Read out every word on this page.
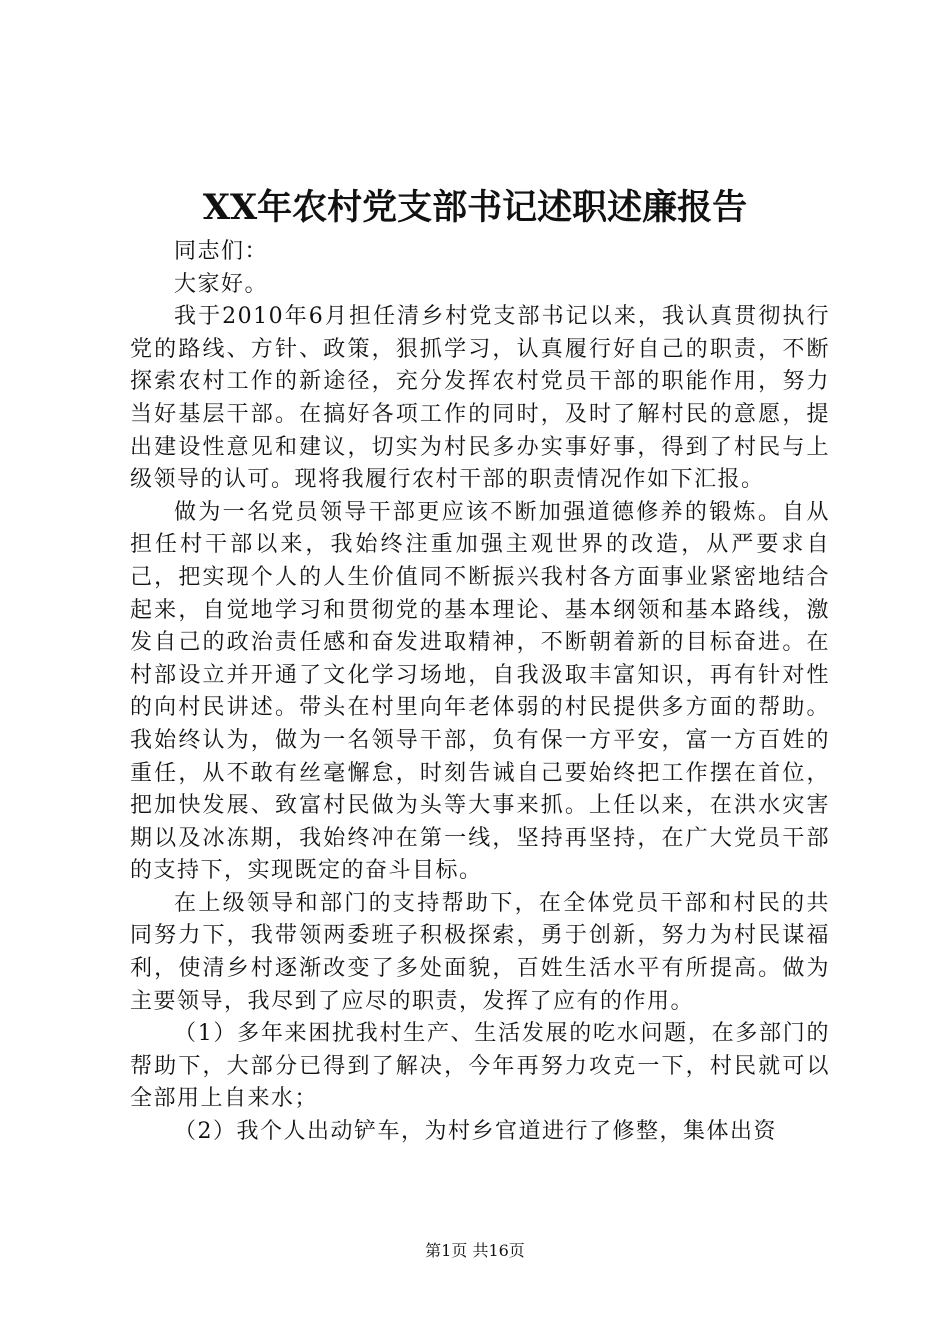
XX年农村党支部书记述职述廉报告

同志们：

大家好。

我于2010年6月担任清乡村党支部书记以来，我认真贯彻执行党的路线、方针、政策，狠抓学习，认真履行好自己的职责，不断探索农村工作的新途径，充分发挥农村党员干部的职能作用，努力当好基层干部。在搞好各项工作的同时，及时了解村民的意愿，提出建设性意见和建议，切实为村民多办实事好事，得到了村民与上级领导的认可。现将我履行农村干部的职责情况作如下汇报。

做为一名党员领导干部更应该不断加强道德修养的锻炼。自从担任村干部以来，我始终注重加强主观世界的改造，从严要求自己，把实现个人的人生价值同不断振兴我村各方面事业紧密地结合起来，自觉地学习和贯彻党的基本理论、基本纲领和基本路线，激发自己的政治责任感和奋发进取精神，不断朝着新的目标奋进。在村部设立并开通了文化学习场地，自我汲取丰富知识，再有针对性的向村民讲述。带头在村里向年老体弱的村民提供多方面的帮助。我始终认为，做为一名领导干部，负有保一方平安，富一方百姓的重任，从不敢有丝毫懈怠，时刻告诫自己要始终把工作摆在首位，把加快发展、致富村民做为头等大事来抓。上任以来，在洪水灾害期以及冰冻期，我始终冲在第一线，坚持再坚持，在广大党员干部的支持下，实现既定的奋斗目标。

在上级领导和部门的支持帮助下，在全体党员干部和村民的共同努力下，我带领两委班子积极探索，勇于创新，努力为村民谋福利，使清乡村逐渐改变了多处面貌，百姓生活水平有所提高。做为主要领导，我尽到了应尽的职责，发挥了应有的作用。

（1）多年来困扰我村生产、生活发展的吃水问题，在多部门的帮助下，大部分已得到了解决，今年再努力攻克一下，村民就可以全部用上自来水；

（2）我个人出动铲车，为村乡官道进行了修整，集体出资

第1页 共16页
